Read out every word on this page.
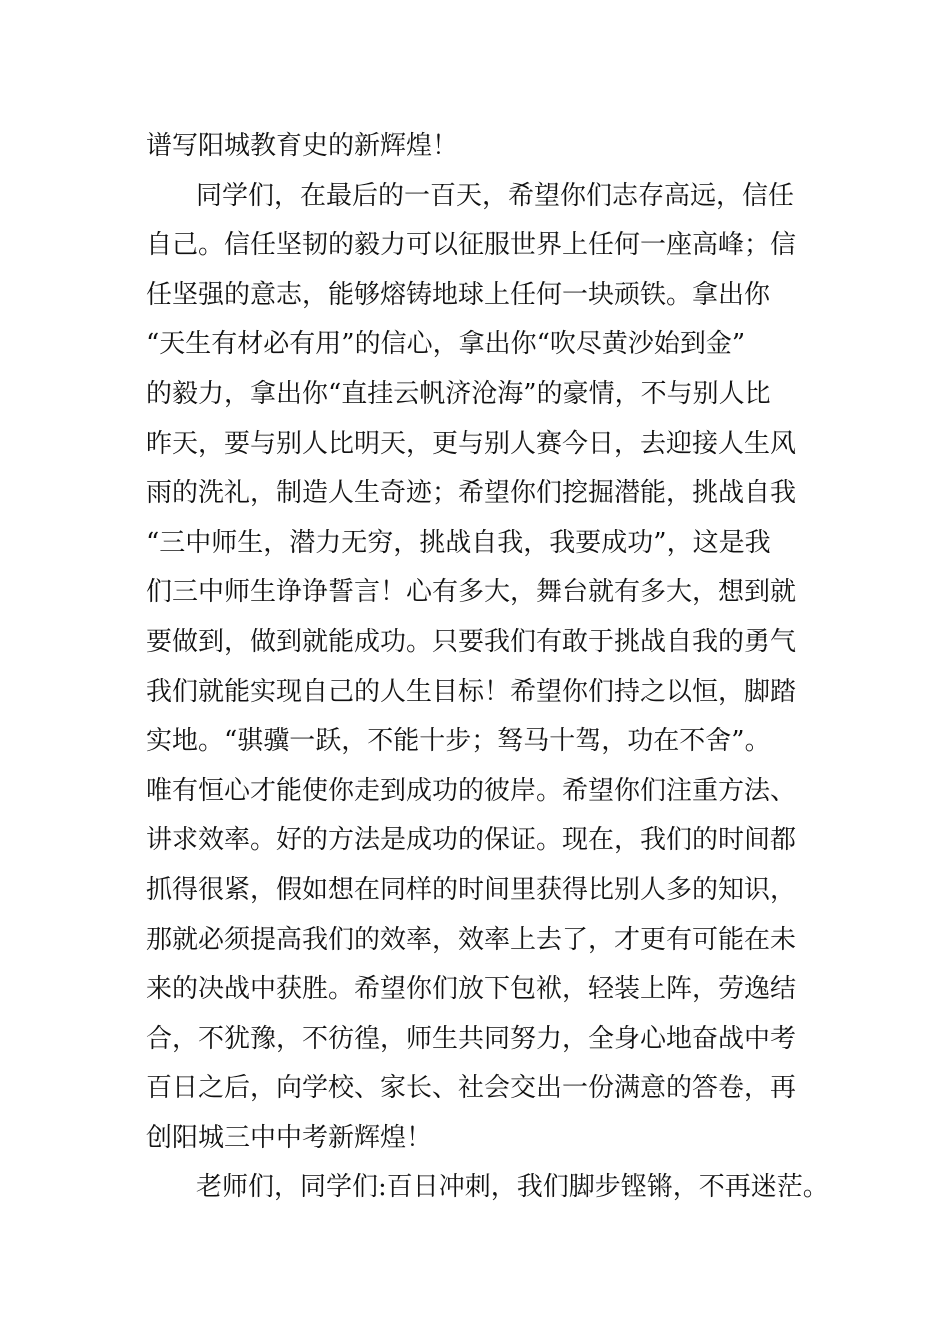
谱写阳城教育史的新辉煌！
同学们，在最后的一百天，希望你们志存高远，信任
自己。信任坚韧的毅力可以征服世界上任何一座高峰；信
任坚强的意志，能够熔铸地球上任何一块顽铁。拿出你
“天生有材必有用”的信心，拿出你“吹尽黄沙始到金”
的毅力，拿出你“直挂云帆济沧海”的豪情，不与别人比
昨天，要与别人比明天，更与别人赛今日，去迎接人生风
雨的洗礼，制造人生奇迹；希望你们挖掘潜能，挑战自我
“三中师生，潜力无穷，挑战自我，我要成功”，这是我
们三中师生诤诤誓言！心有多大，舞台就有多大，想到就
要做到，做到就能成功。只要我们有敢于挑战自我的勇气
我们就能实现自己的人生目标！希望你们持之以恒，脚踏
实地。“骐骥一跃，不能十步；驽马十驾，功在不舍”。
唯有恒心才能使你走到成功的彼岸。希望你们注重方法、
讲求效率。好的方法是成功的保证。现在，我们的时间都
抓得很紧，假如想在同样的时间里获得比别人多的知识，
那就必须提高我们的效率，效率上去了，才更有可能在未
来的决战中获胜。希望你们放下包袱，轻装上阵，劳逸结
合，不犹豫，不彷徨，师生共同努力，全身心地奋战中考
百日之后，向学校、家长、社会交出一份满意的答卷，再
创阳城三中中考新辉煌！
老师们，同学们:百日冲刺，我们脚步铿锵，不再迷茫。
